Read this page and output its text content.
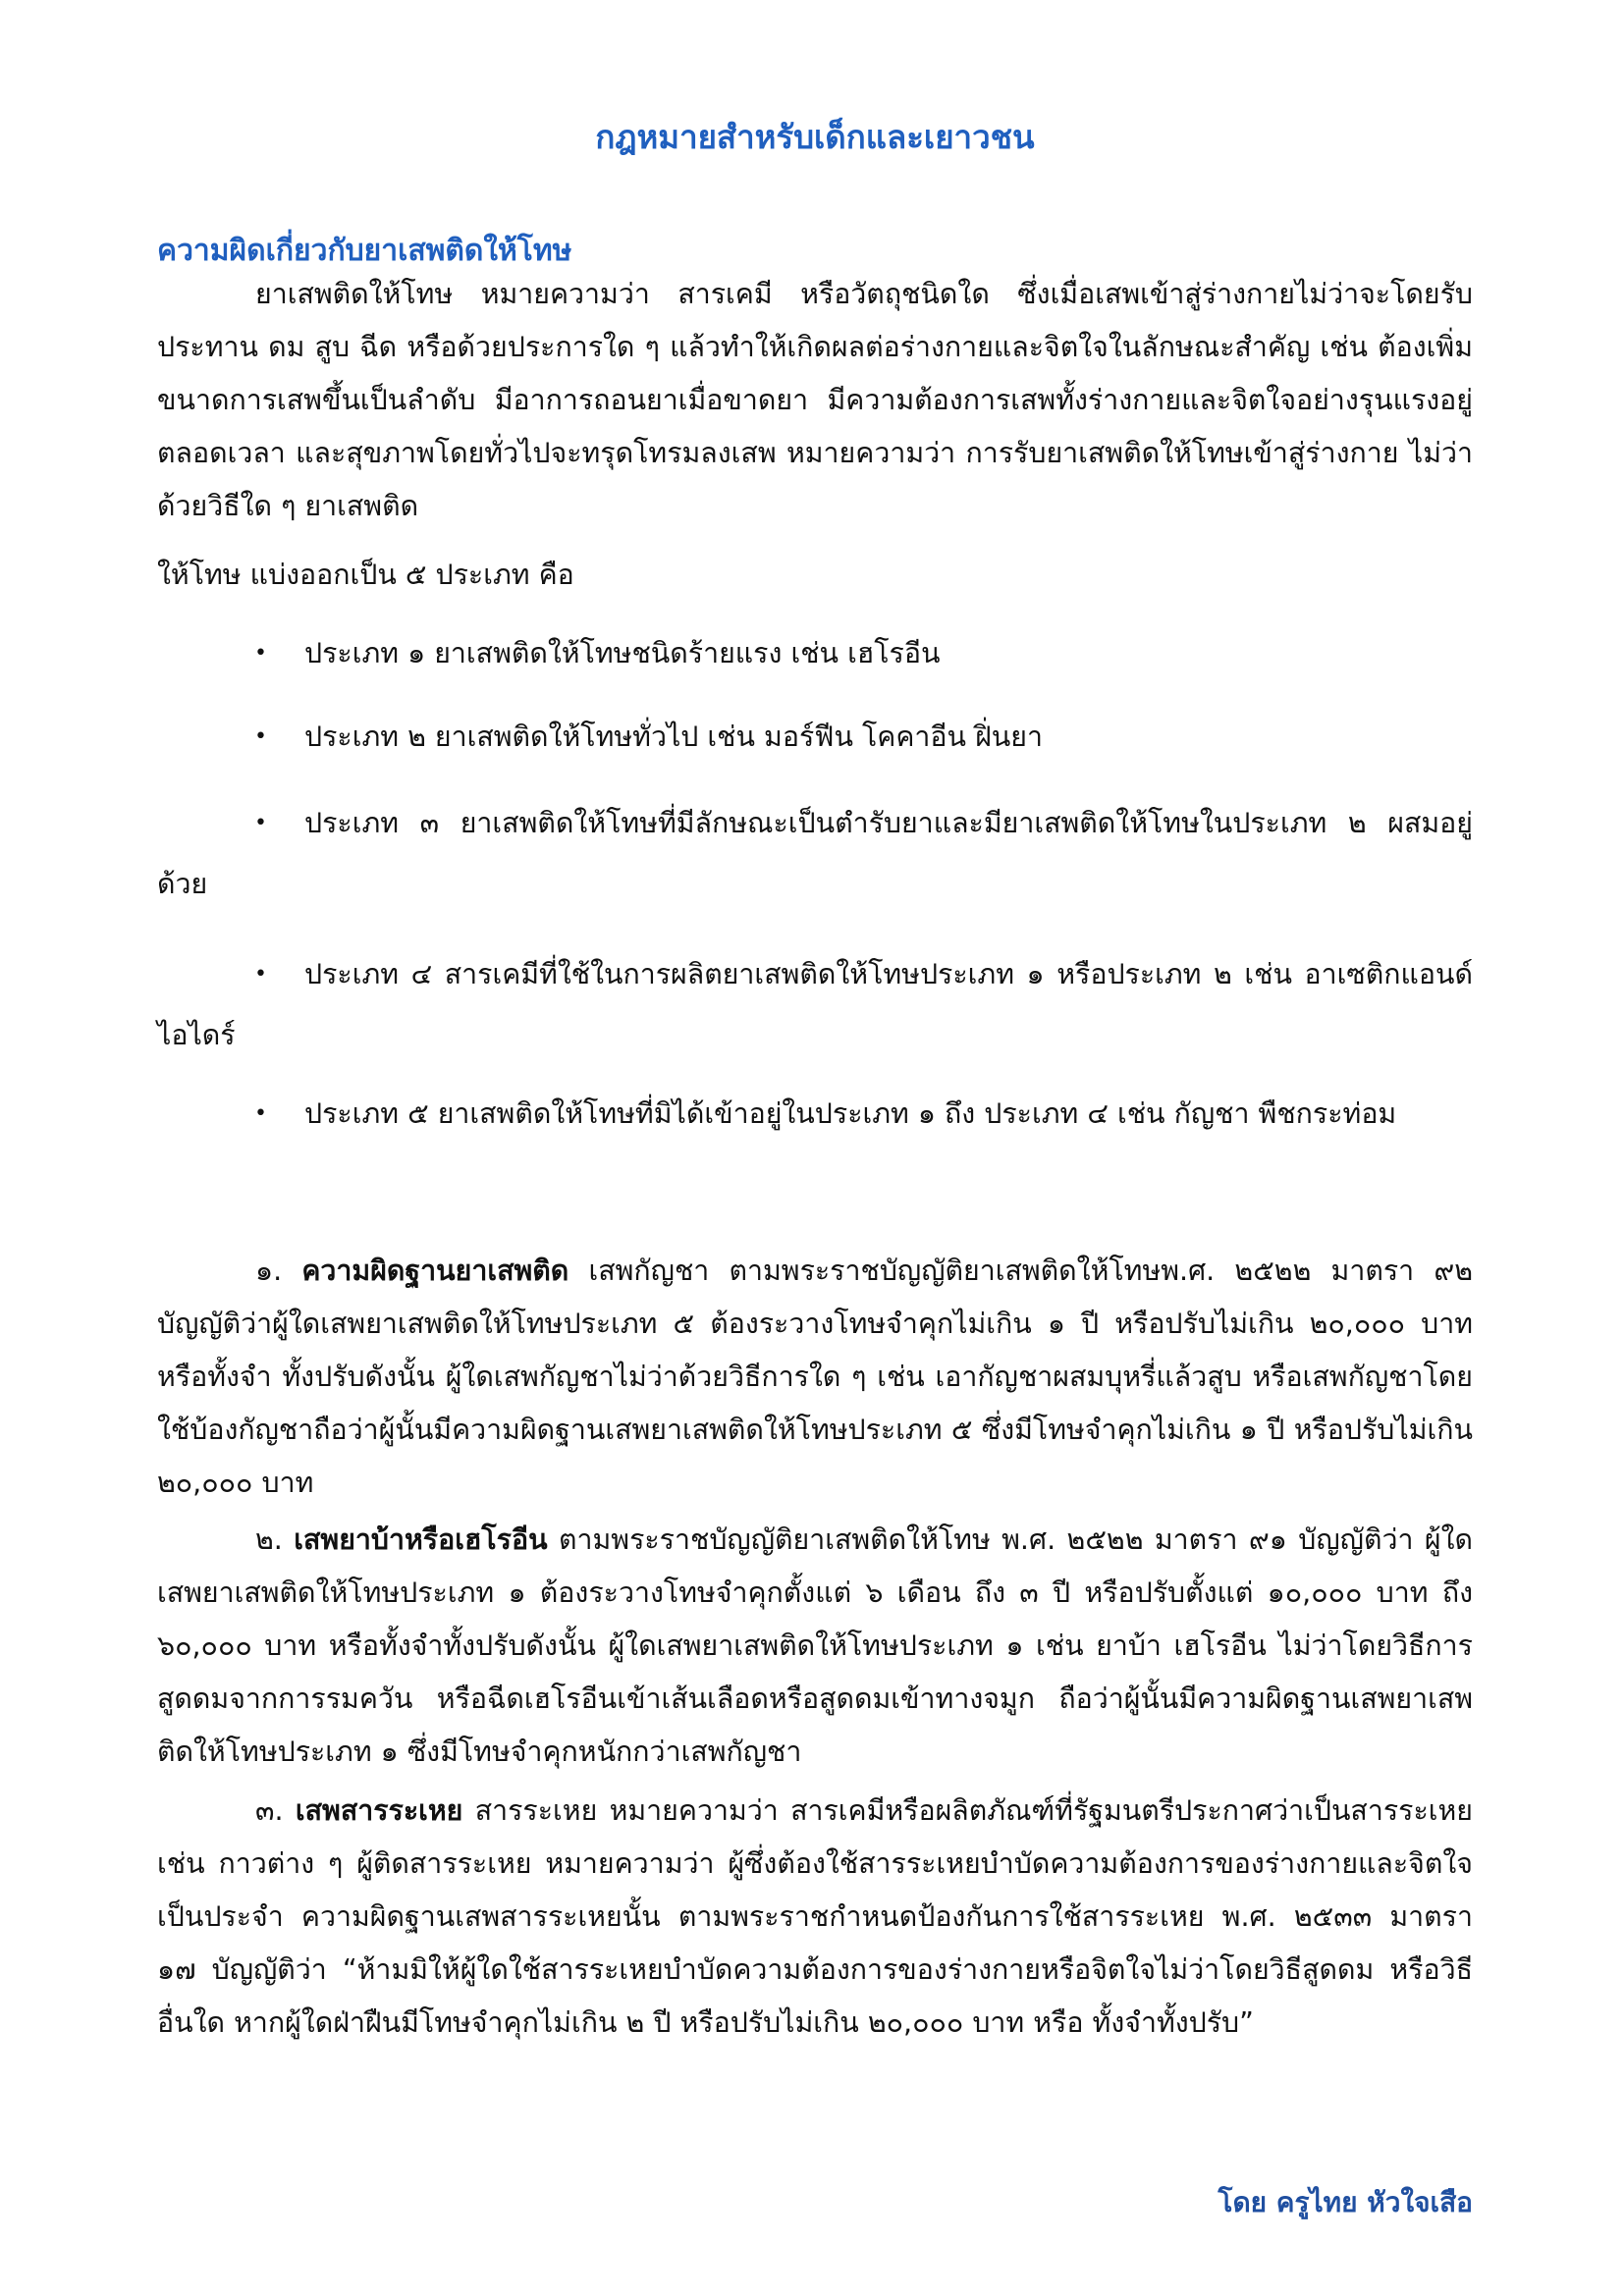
กฎหมายสำหรับเด็กและเยาวชน
ความผิดเกี่ยวกับยาเสพติดให้โทษ
ยาเสพติดให้โทษ หมายความว่า สารเคมี หรือวัตถุชนิดใด ซึ่งเมื่อเสพเข้าสู่ร่างกายไม่ว่าจะโดยรับประทาน ดม สูบ ฉีด หรือด้วยประการใด ๆ แล้วทำให้เกิดผลต่อร่างกายและจิตใจในลักษณะสำคัญ เช่น ต้องเพิ่มขนาดการเสพขึ้นเป็นลำดับ มีอาการถอนยาเมื่อขาดยา มีความต้องการเสพทั้งร่างกายและจิตใจอย่างรุนแรงอยู่ตลอดเวลา และสุขภาพโดยทั่วไปจะทรุดโทรมลงเสพ หมายความว่า การรับยาเสพติดให้โทษเข้าสู่ร่างกาย ไม่ว่าด้วยวิธีใด ๆ ยาเสพติด
ให้โทษ แบ่งออกเป็น ๕ ประเภท คือ
• ประเภท ๑ ยาเสพติดให้โทษชนิดร้ายแรง เช่น เฮโรอีน
• ประเภท ๒ ยาเสพติดให้โทษทั่วไป เช่น มอร์ฟีน โคคาอีน ฝิ่นยา
• ประเภท ๓ ยาเสพติดให้โทษที่มีลักษณะเป็นตำรับยาและมียาเสพติดให้โทษในประเภท ๒ ผสมอยู่ด้วย
• ประเภท ๔ สารเคมีที่ใช้ในการผลิตยาเสพติดให้โทษประเภท ๑ หรือประเภท ๒ เช่น อาเซติกแอนด์ไอไดร์
• ประเภท ๕ ยาเสพติดให้โทษที่มิได้เข้าอยู่ในประเภท ๑ ถึง ประเภท ๔ เช่น กัญชา พืชกระท่อม
๑. ความผิดฐานยาเสพติด เสพกัญชา ตามพระราชบัญญัติยาเสพติดให้โทษพ.ศ. ๒๕๒๒ มาตรา ๙๒ บัญญัติว่าผู้ใดเสพยาเสพติดให้โทษประเภท ๕ ต้องระวางโทษจำคุกไม่เกิน ๑ ปี หรือปรับไม่เกิน ๒๐,๐๐๐ บาท หรือทั้งจำ ทั้งปรับดังนั้น ผู้ใดเสพกัญชาไม่ว่าด้วยวิธีการใด ๆ เช่น เอากัญชาผสมบุหรี่แล้วสูบ หรือเสพกัญชาโดยใช้บ้องกัญชาถือว่าผู้นั้นมีความผิดฐานเสพยาเสพติดให้โทษประเภท ๕ ซึ่งมีโทษจำคุกไม่เกิน ๑ ปี หรือปรับไม่เกิน ๒๐,๐๐๐ บาท
๒. เสพยาบ้าหรือเฮโรอีน ตามพระราชบัญญัติยาเสพติดให้โทษ พ.ศ. ๒๕๒๒ มาตรา ๙๑ บัญญัติว่า ผู้ใดเสพยาเสพติดให้โทษประเภท ๑ ต้องระวางโทษจำคุกตั้งแต่ ๖ เดือน ถึง ๓ ปี หรือปรับตั้งแต่ ๑๐,๐๐๐ บาท ถึง ๖๐,๐๐๐ บาท หรือทั้งจำทั้งปรับดังนั้น ผู้ใดเสพยาเสพติดให้โทษประเภท ๑ เช่น ยาบ้า เฮโรอีน ไม่ว่าโดยวิธีการสูดดมจากการรมควัน หรือฉีดเฮโรอีนเข้าเส้นเลือดหรือสูดดมเข้าทางจมูก ถือว่าผู้นั้นมีความผิดฐานเสพยาเสพติดให้โทษประเภท ๑ ซึ่งมีโทษจำคุกหนักกว่าเสพกัญชา
๓. เสพสารระเหย สารระเหย หมายความว่า สารเคมีหรือผลิตภัณฑ์ที่รัฐมนตรีประกาศว่าเป็นสารระเหย เช่น กาวต่าง ๆ ผู้ติดสารระเหย หมายความว่า ผู้ซึ่งต้องใช้สารระเหยบำบัดความต้องการของร่างกายและจิตใจเป็นประจำ ความผิดฐานเสพสารระเหยนั้น ตามพระราชกำหนดป้องกันการใช้สารระเหย พ.ศ. ๒๕๓๓ มาตรา ๑๗ บัญญัติว่า “ห้ามมิให้ผู้ใดใช้สารระเหยบำบัดความต้องการของร่างกายหรือจิตใจไม่ว่าโดยวิธีสูดดม หรือวิธีอื่นใด หากผู้ใดฝ่าฝืนมีโทษจำคุกไม่เกิน ๒ ปี หรือปรับไม่เกิน ๒๐,๐๐๐ บาท หรือ ทั้งจำทั้งปรับ”
โดย ครูไทย หัวใจเสือ
